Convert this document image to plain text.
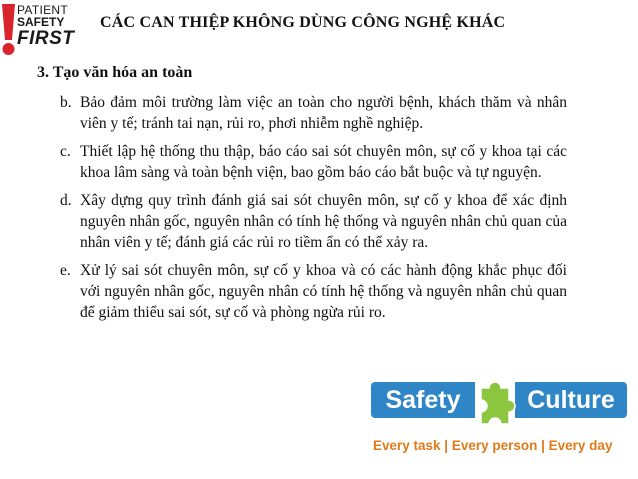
PATIENT
SAFETY
FIRST
CÁC CAN THIỆP KHÔNG DÙNG CÔNG NGHỆ KHÁC
3. Tạo văn hóa an toàn
b. Bảo đảm môi trường làm việc an toàn cho người bệnh, khách thăm và nhân viên y tế; tránh tai nạn, rủi ro, phơi nhiễm nghề nghiệp.
c. Thiết lập hệ thống thu thập, báo cáo sai sót chuyên môn, sự cố y khoa tại các khoa lâm sàng và toàn bệnh viện, bao gồm báo cáo bắt buộc và tự nguyện.
d. Xây dựng quy trình đánh giá sai sót chuyên môn, sự cố y khoa để xác định nguyên nhân gốc, nguyên nhân có tính hệ thống và nguyên nhân chủ quan của nhân viên y tế; đánh giá các rủi ro tiềm ẩn có thể xảy ra.
e. Xử lý sai sót chuyên môn, sự cố y khoa và có các hành động khắc phục đối với nguyên nhân gốc, nguyên nhân có tính hệ thống và nguyên nhân chủ quan để giảm thiểu sai sót, sự cố và phòng ngừa rủi ro.
Safety	Culture
Every task | Every person | Every day
